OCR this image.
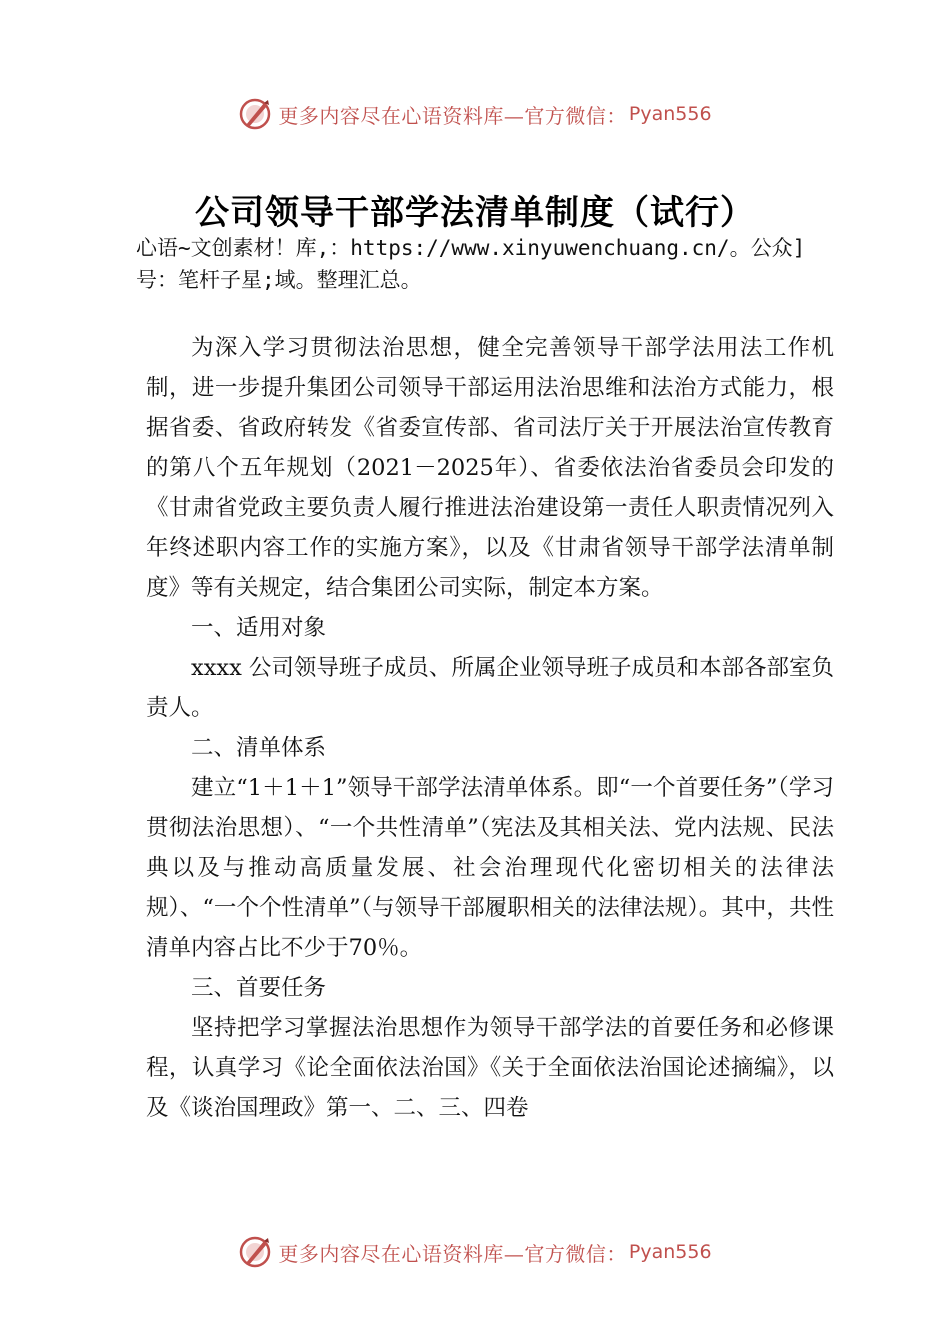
更多内容尽在心语资料库—官方微信： Pyan556
公司领导干部学法清单制度（试行）
心语~文创素材！库,：https://www.xinyuwenchuang.cn/。公众]号：笔杆子星;域。整理汇总。

为深入学习贯彻法治思想，健全完善领导干部学法用法工作机制，进一步提升集团公司领导干部运用法治思维和法治方式能力，根据省委、省政府转发《省委宣传部、省司法厅关于开展法治宣传教育的第八个五年规划（2021－2025年）、省委依法治省委员会印发的《甘肃省党政主要负责人履行推进法治建设第一责任人职责情况列入年终述职内容工作的实施方案》，以及《甘肃省领导干部学法清单制度》等有关规定，结合集团公司实际，制定本方案。

一、适用对象

xxxx 公司领导班子成员、所属企业领导班子成员和本部各部室负责人。

二、清单体系

建立“1＋1＋1”领导干部学法清单体系。即“一个首要任务”（学习贯彻法治思想）、“一个共性清单”（宪法及其相关法、党内法规、民法典以及与推动高质量发展、社会治理现代化密切相关的法律法规）、“一个个性清单”（与领导干部履职相关的法律法规）。其中，共性清单内容占比不少于70％。

三、首要任务

坚持把学习掌握法治思想作为领导干部学法的首要任务和必修课程，认真学习《论全面依法治国》《关于全面依法治国论述摘编》，以及《谈治国理政》第一、二、三、四卷

更多内容尽在心语资料库—官方微信： Pyan556
